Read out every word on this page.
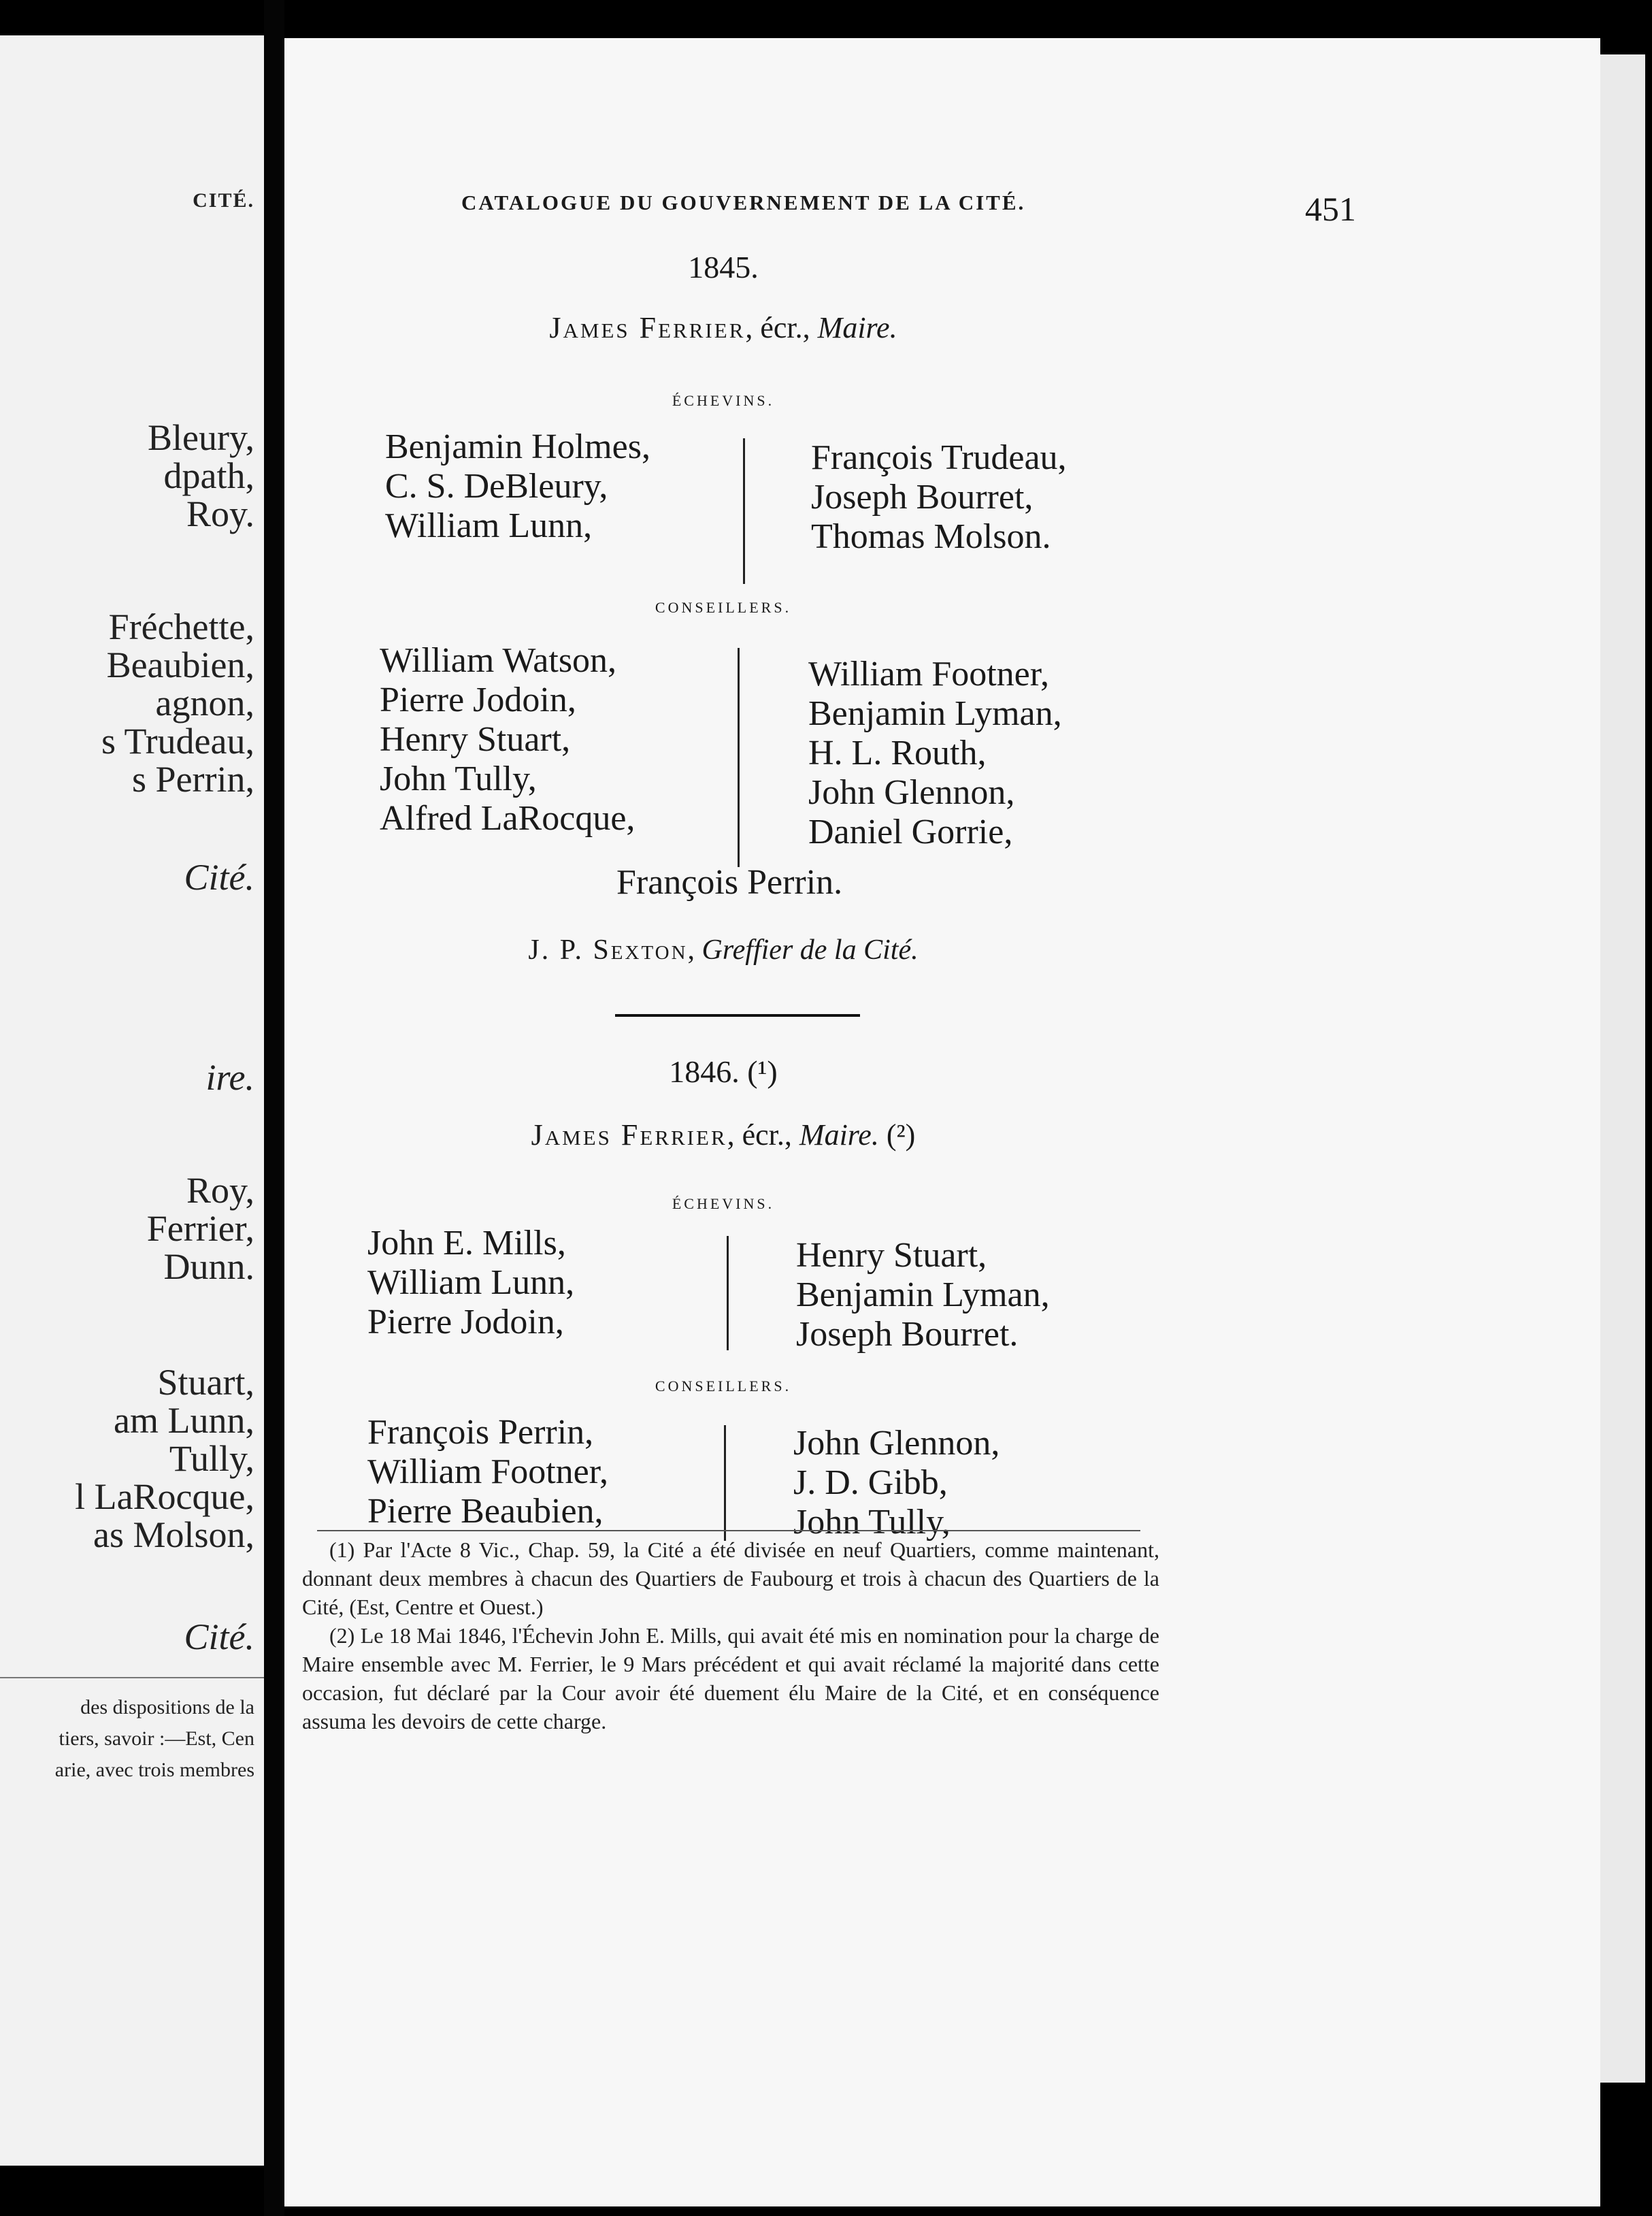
CITÉ.
Bleury,
dpath,
Roy.
Fréchette,
Beaubien,
agnon,
s Trudeau,
s Perrin,
Cité.
ire.
Roy,
Ferrier,
Dunn.
Stuart,
am Lunn,
Tully,
l LaRocque,
as Molson,
Cité.
des dispositions de la
tiers, savoir :—Est, Cen
arie, avec trois membres
CATALOGUE DU GOUVERNEMENT DE LA CITÉ.	451
1845.
James Ferrier, écr., Maire.
ÉCHEVINS.
Benjamin Holmes,
C. S. DeBleury,
William Lunn,
François Trudeau,
Joseph Bourret,
Thomas Molson.
CONSEILLERS.
William Watson,
Pierre Jodoin,
Henry Stuart,
John Tully,
Alfred LaRocque,
William Footner,
Benjamin Lyman,
H. L. Routh,
John Glennon,
Daniel Gorrie,
François Perrin.
J. P. Sexton, Greffier de la Cité.
1846. (¹)
James Ferrier, écr., Maire. (²)
ÉCHEVINS.
John E. Mills,
William Lunn,
Pierre Jodoin,
Henry Stuart,
Benjamin Lyman,
Joseph Bourret.
CONSEILLERS.
François Perrin,
William Footner,
Pierre Beaubien,
John Glennon,
J. D. Gibb,
John Tully,

(1) Par l'Acte 8 Vic., Chap. 59, la Cité a été divisée en neuf Quartiers, comme maintenant, donnant deux membres à chacun des Quartiers de Faubourg et trois à chacun des Quartiers de la Cité, (Est, Centre et Ouest.)

(2) Le 18 Mai 1846, l'Échevin John E. Mills, qui avait été mis en nomination pour la charge de Maire ensemble avec M. Ferrier, le 9 Mars précédent et qui avait réclamé la majorité dans cette occasion, fut déclaré par la Cour avoir été duement élu Maire de la Cité, et en conséquence assuma les devoirs de cette charge.
